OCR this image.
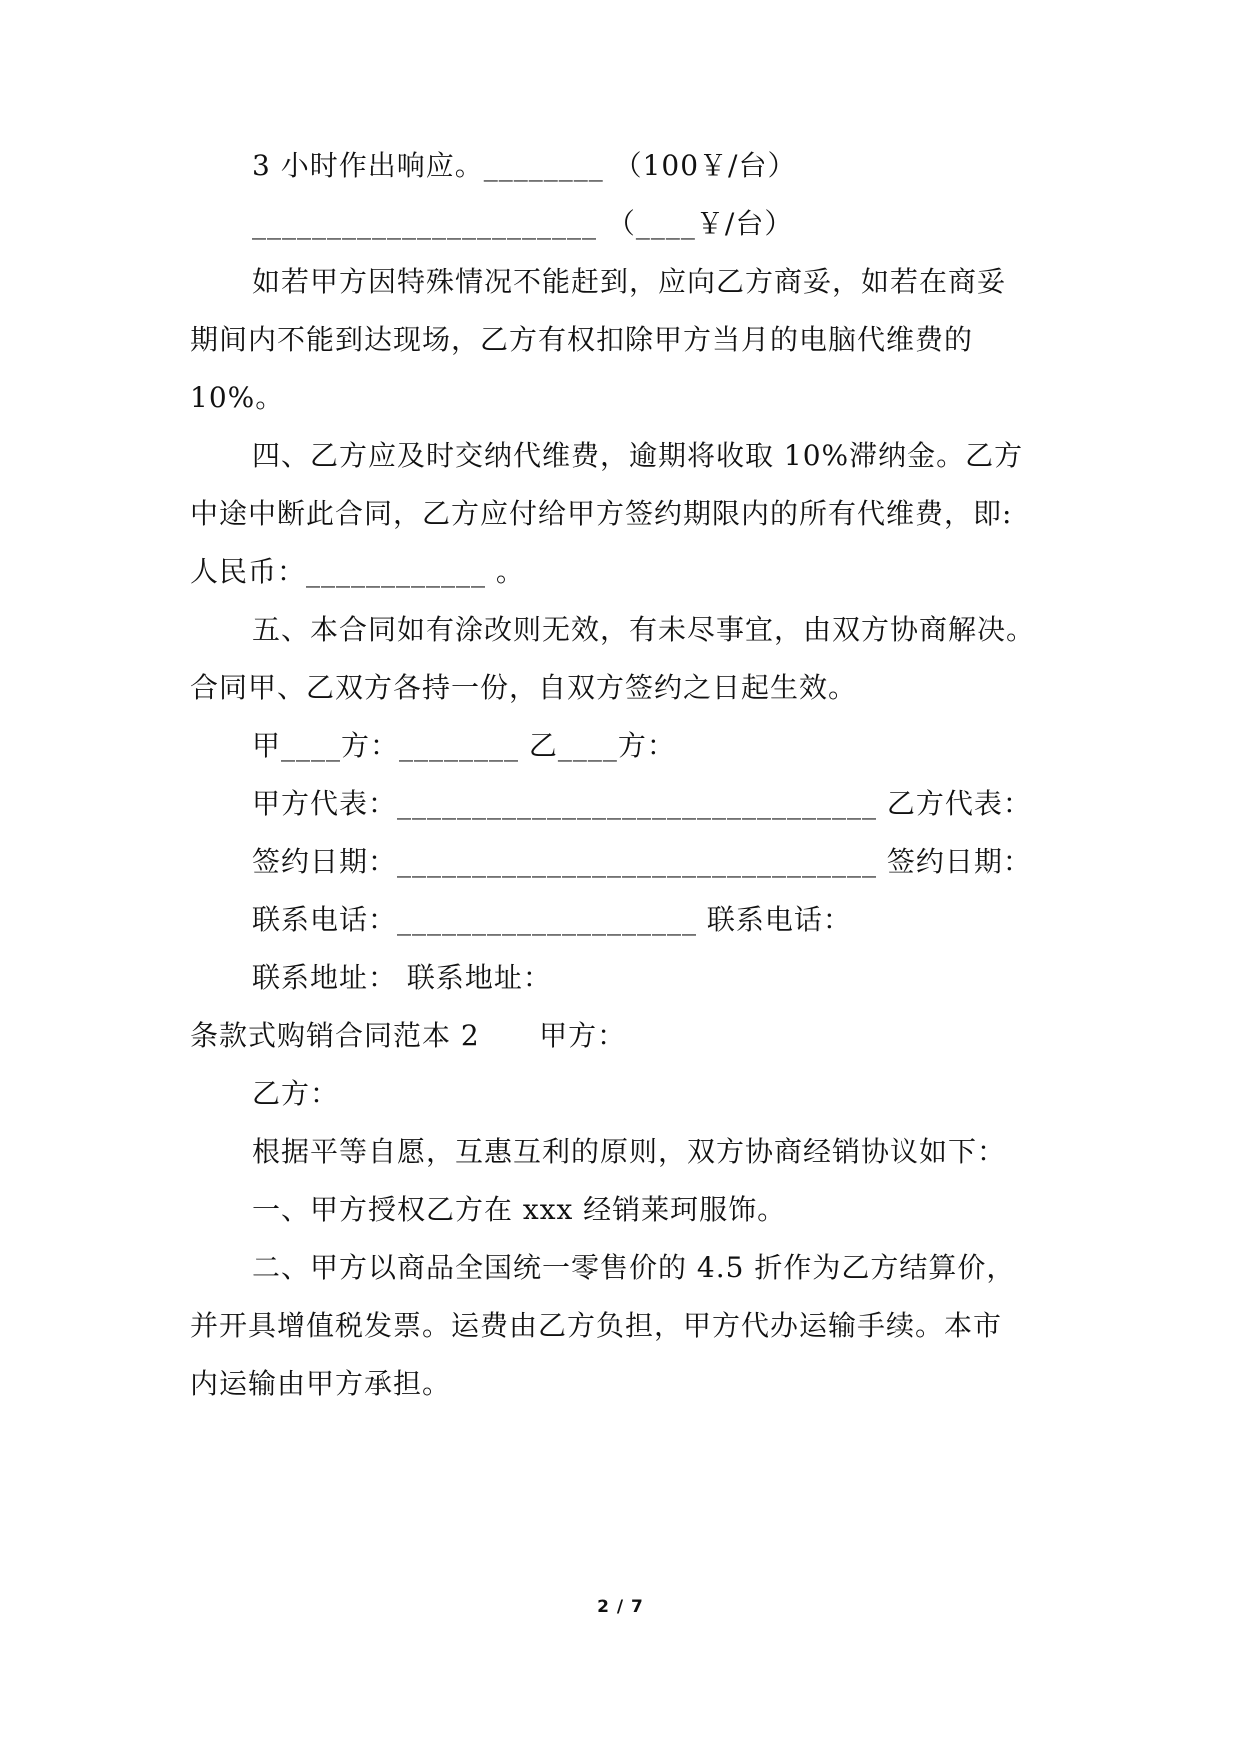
3 小时作出响应。________ （100￥/台）
_______________________ （____￥/台）
如若甲方因特殊情况不能赶到，应向乙方商妥，如若在商妥
期间内不能到达现场，乙方有权扣除甲方当月的电脑代维费的
10%。
四、乙方应及时交纳代维费，逾期将收取 10%滞纳金。乙方
中途中断此合同，乙方应付给甲方签约期限内的所有代维费，即:
人民币：____________ 。
五、本合同如有涂改则无效，有未尽事宜，由双方协商解决。
合同甲、乙双方各持一份，自双方签约之日起生效。
甲____方：________ 乙____方：
甲方代表：________________________________ 乙方代表：
签约日期：________________________________ 签约日期：
联系电话：____________________ 联系电话：
联系地址： 联系地址：
条款式购销合同范本 2      甲方：
乙方：
根据平等自愿，互惠互利的原则，双方协商经销协议如下：
一、甲方授权乙方在 xxx 经销莱珂服饰。
二、甲方以商品全国统一零售价的 4.5 折作为乙方结算价，
并开具增值税发票。运费由乙方负担，甲方代办运输手续。本市
内运输由甲方承担。
2 / 7
